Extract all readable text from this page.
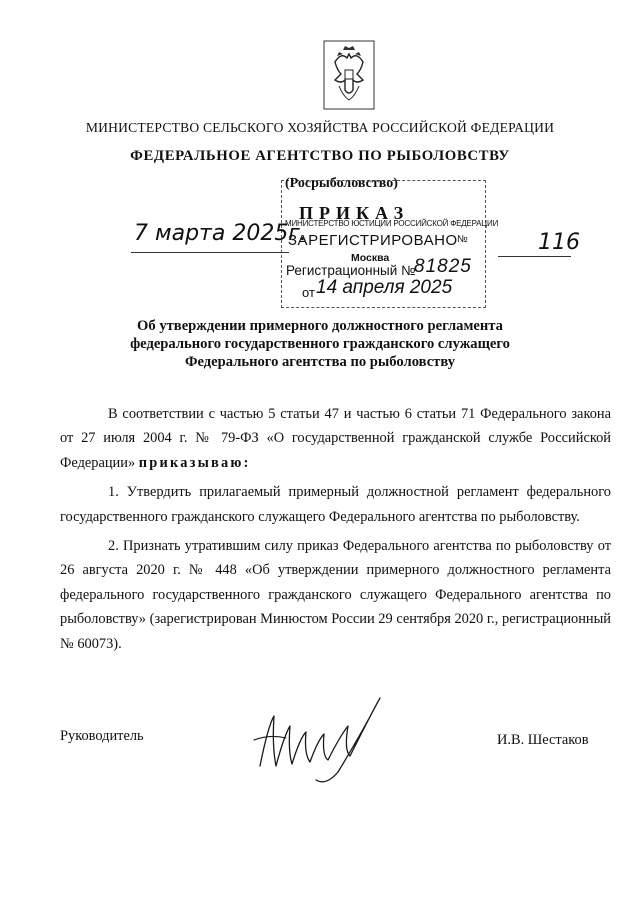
МИНИСТЕРСТВО СЕЛЬСКОГО ХОЗЯЙСТВА РОССИЙСКОЙ ФЕДЕРАЦИИ
ФЕДЕРАЛЬНОЕ АГЕНТСТВО ПО РЫБОЛОВСТВУ
(Росрыболовство)
ПРИКАЗ
МИНИСТЕРСТВО ЮСТИЦИИ РОССИЙСКОЙ ФЕДЕРАЦИИ
ЗАРЕГИСТРИРОВАНО №
Москва
Регистрационный №
81825
от 14 апреля 2025
7 марта 2025г.	116
Об утверждении примерного должностного регламента
федерального государственного гражданского служащего
Федерального агентства по рыболовству

В соответствии с частью 5 статьи 47 и частью 6 статьи 71 Федерального закона от 27 июля 2004 г. № 79-ФЗ «О государственной гражданской службе Российской Федерации» приказываю:

1. Утвердить прилагаемый примерный должностной регламент федерального государственного гражданского служащего Федерального агентства по рыболовству.

2. Признать утратившим силу приказ Федерального агентства по рыболовству от 26 августа 2020 г. № 448 «Об утверждении примерного должностного регламента федерального государственного гражданского служащего Федерального агентства по рыболовству» (зарегистрирован Минюстом России 29 сентября 2020 г., регистрационный № 60073).

Руководитель	И.В. Шестаков
